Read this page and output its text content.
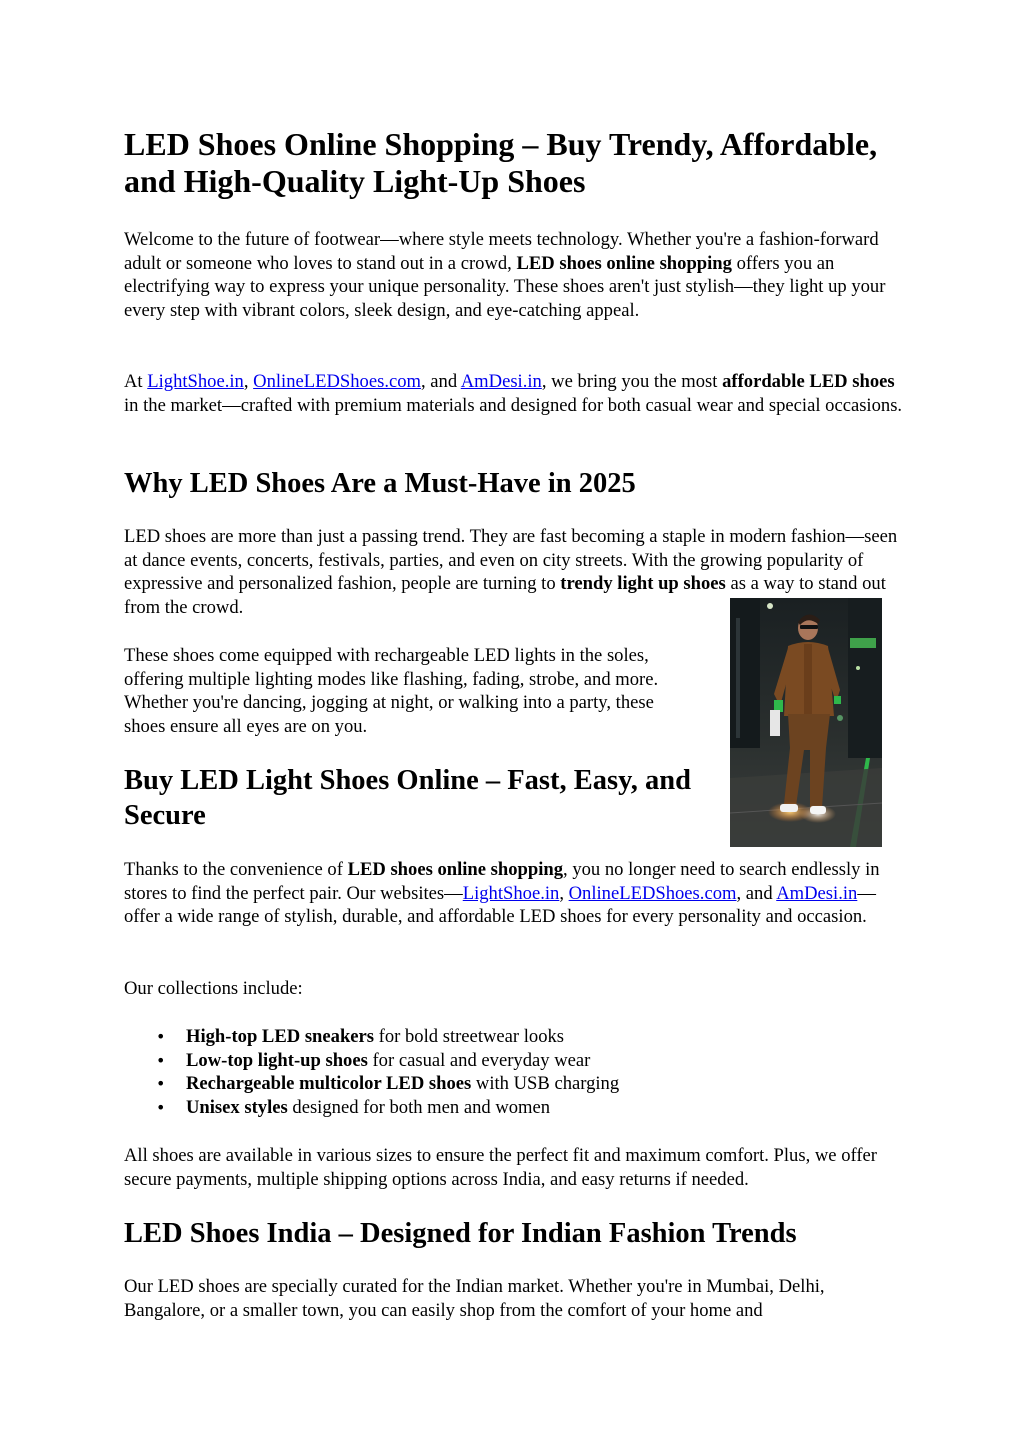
LED Shoes Online Shopping – Buy Trendy, Affordable, and High-Quality Light-Up Shoes

Welcome to the future of footwear—where style meets technology. Whether you're a fashion-forward adult or someone who loves to stand out in a crowd, LED shoes online shopping offers you an electrifying way to express your unique personality. These shoes aren't just stylish—they light up your every step with vibrant colors, sleek design, and eye-catching appeal.

At LightShoe.in, OnlineLEDShoes.com, and AmDesi.in, we bring you the most affordable LED shoes in the market—crafted with premium materials and designed for both casual wear and special occasions.

Why LED Shoes Are a Must-Have in 2025

LED shoes are more than just a passing trend. They are fast becoming a staple in modern fashion—seen at dance events, concerts, festivals, parties, and even on city streets. With the growing popularity of expressive and personalized fashion, people are turning to trendy light up shoes as a way to stand out from the crowd.

These shoes come equipped with rechargeable LED lights in the soles, offering multiple lighting modes like flashing, fading, strobe, and more. Whether you're dancing, jogging at night, or walking into a party, these shoes ensure all eyes are on you.

Buy LED Light Shoes Online – Fast, Easy, and Secure

Thanks to the convenience of LED shoes online shopping, you no longer need to search endlessly in stores to find the perfect pair. Our websites—LightShoe.in, OnlineLEDShoes.com, and AmDesi.in—offer a wide range of stylish, durable, and affordable LED shoes for every personality and occasion.

Our collections include:

• High-top LED sneakers for bold streetwear looks
• Low-top light-up shoes for casual and everyday wear
• Rechargeable multicolor LED shoes with USB charging
• Unisex styles designed for both men and women

All shoes are available in various sizes to ensure the perfect fit and maximum comfort. Plus, we offer secure payments, multiple shipping options across India, and easy returns if needed.

LED Shoes India – Designed for Indian Fashion Trends

Our LED shoes are specially curated for the Indian market. Whether you're in Mumbai, Delhi, Bangalore, or a smaller town, you can easily shop from the comfort of your home and
